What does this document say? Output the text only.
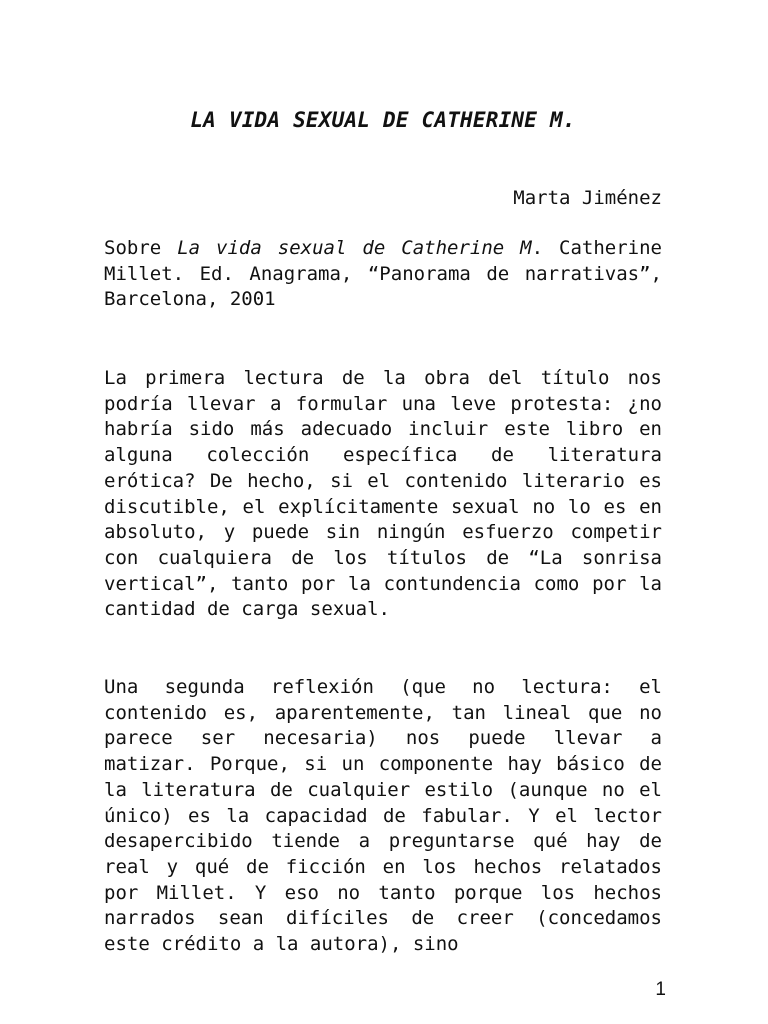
LA VIDA SEXUAL DE CATHERINE M.

Marta Jiménez

Sobre La vida sexual de Catherine M. Catherine Millet. Ed. Anagrama, “Panorama de narrativas”, Barcelona, 2001

La primera lectura de la obra del título nos podría llevar a formular una leve protesta: ¿no habría sido más adecuado incluir este libro en alguna colección específica de literatura erótica? De hecho, si el contenido literario es discutible, el explícitamente sexual no lo es en absoluto, y puede sin ningún esfuerzo competir con cualquiera de los títulos de “La sonrisa vertical”, tanto por la contundencia como por la cantidad de carga sexual.

Una segunda reflexión (que no lectura: el contenido es, aparentemente, tan lineal que no parece ser necesaria) nos puede llevar a matizar. Porque, si un componente hay básico de la literatura de cualquier estilo (aunque no el único) es la capacidad de fabular. Y el lector desapercibido tiende a preguntarse qué hay de real y qué de ficción en los hechos relatados por Millet. Y eso no tanto porque los hechos narrados sean difíciles de creer (concedamos este crédito a la autora), sino

1
